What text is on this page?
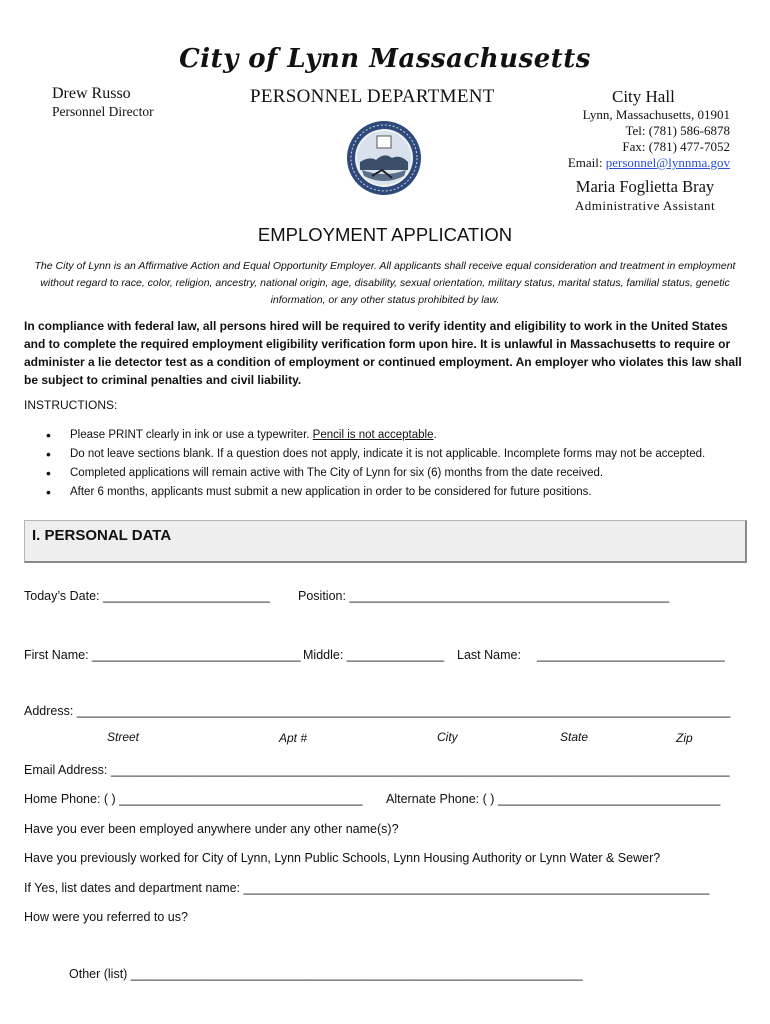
City of Lynn Massachusetts
Drew Russo
Personnel Director
PERSONNEL DEPARTMENT	City Hall
Lynn, Massachusetts, 01901
Tel: (781) 586-6878
Fax: (781) 477-7052
Email: personnel@lynnma.gov
Maria Foglietta Bray
Administrative Assistant
EMPLOYMENT APPLICATION
The City of Lynn is an Affirmative Action and Equal Opportunity Employer. All applicants shall receive equal consideration and treatment in employment without regard to race, color, religion, ancestry, national origin, age, disability, sexual orientation, military status, marital status, familial status, genetic information, or any other status prohibited by law.
In compliance with federal law, all persons hired will be required to verify identity and eligibility to work in the United States and to complete the required employment eligibility verification form upon hire. It is unlawful in Massachusetts to require or administer a lie detector test as a condition of employment or continued employment. An employer who violates this law shall be subject to criminal penalties and civil liability.
INSTRUCTIONS:
• Please PRINT clearly in ink or use a typewriter. Pencil is not acceptable.
• Do not leave sections blank. If a question does not apply, indicate it is not applicable. Incomplete forms may not be accepted.
• Completed applications will remain active with The City of Lynn for six (6) months from the date received.
• After 6 months, applicants must submit a new application in order to be considered for future positions.
I. PERSONAL DATA
Today’s Date: ________________________ Position: ______________________________________________
First Name: ______________________________ Middle: ______________ Last Name: ___________________________
Address: ______________________________________________________________________________________________
Street	Apt #	City	State	Zip
Email Address: _________________________________________________________________________________________
Home Phone: ( ) ___________________________________ Alternate Phone: ( ) ________________________________
Have you ever been employed anywhere under any other name(s)?
Have you previously worked for City of Lynn, Lynn Public Schools, Lynn Housing Authority or Lynn Water & Sewer?
If Yes, list dates and department name: ___________________________________________________________________
How were you referred to us?
Other (list) _________________________________________________________________
